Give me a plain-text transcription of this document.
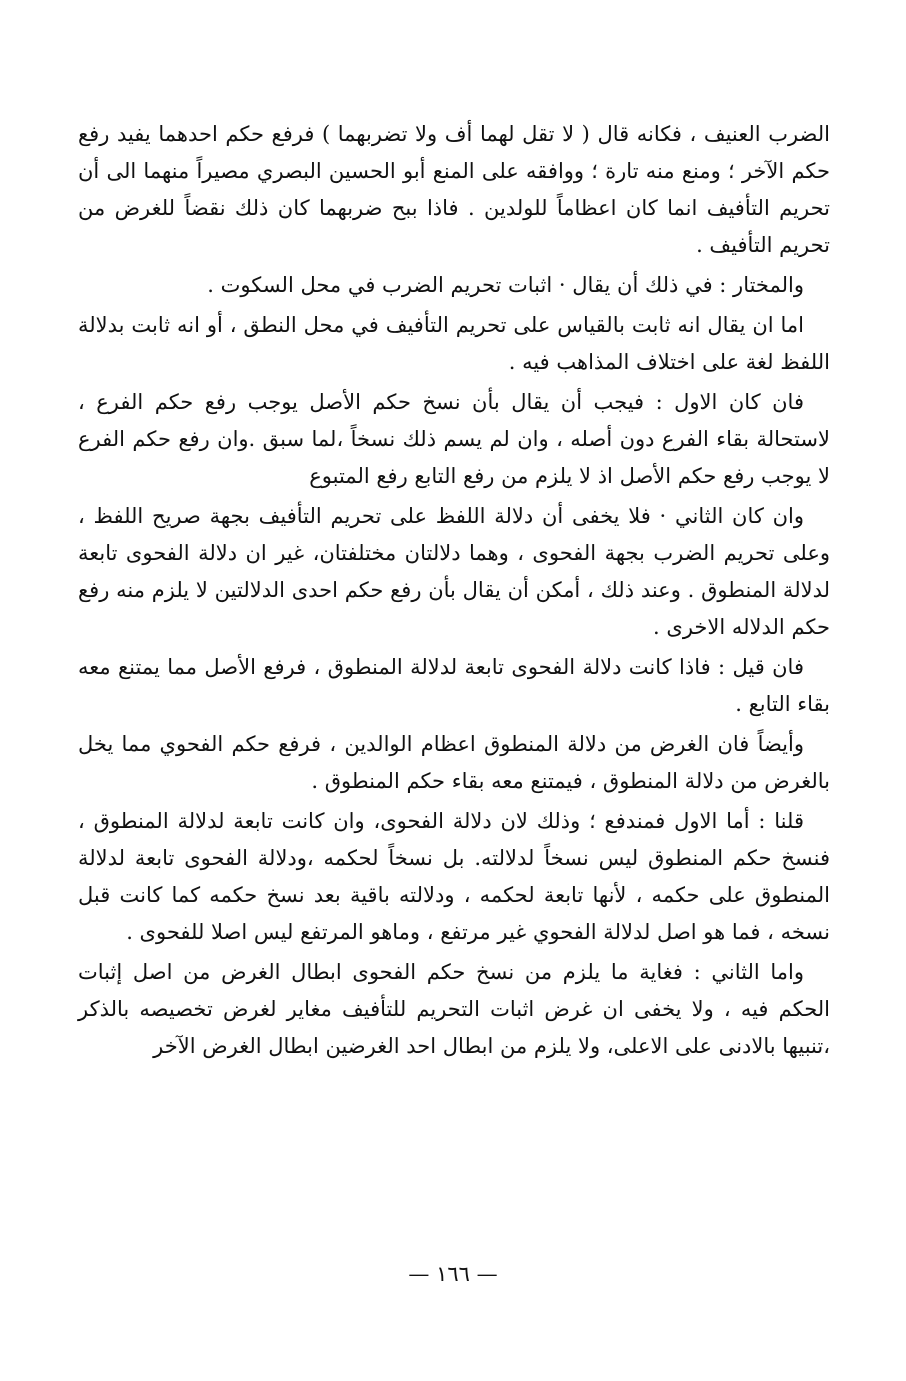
الضرب العنيف ، فكانه قال ( لا تقل لهما أف ولا تضربهما ) فرفع حكم احدهما يفيد رفع حكم الآخر ؛ ومنع منه تارة ؛ ووافقه على المنع أبو الحسين البصري مصيراً منهما الى أن تحريم التأفيف انما كان اعظاماً للولدين . فاذا ببح ضربهما كان ذلك نقضاً للغرض من تحريم التأفيف .

والمختار : في ذلك أن يقال · اثبات تحريم الضرب في محل السكوت .

اما ان يقال انه ثابت بالقياس على تحريم التأفيف في محل النطق ، أو انه ثابت بدلالة اللفظ لغة على اختلاف المذاهب فيه .

فان كان الاول : فيجب أن يقال بأن نسخ حكم الأصل يوجب رفع حكم الفرع ، لاستحالة بقاء الفرع دون أصله ، وان لم يسم ذلك نسخاً ،لما سبق .وان رفع حكم الفرع لا يوجب رفع حكم الأصل اذ لا يلزم من رفع التابع رفع المتبوع

وان كان الثاني · فلا يخفى أن دلالة اللفظ على تحريم التأفيف بجهة صريح اللفظ ، وعلى تحريم الضرب بجهة الفحوى ، وهما دلالتان مختلفتان، غير ان دلالة الفحوى تابعة لدلالة المنطوق . وعند ذلك ، أمكن أن يقال بأن رفع حكم احدى الدلالتين لا يلزم منه رفع حكم الدلاله الاخرى .

فان قيل : فاذا كانت دلالة الفحوى تابعة لدلالة المنطوق ، فرفع الأصل مما يمتنع معه بقاء التابع .

وأيضاً فان الغرض من دلالة المنطوق اعظام الوالدين ، فرفع حكم الفحوي مما يخل بالغرض من دلالة المنطوق ، فيمتنع معه بقاء حكم المنطوق .

قلنا : أما الاول فمندفع ؛ وذلك لان دلالة الفحوى، وان كانت تابعة لدلالة المنطوق ، فنسخ حكم المنطوق ليس نسخاً لدلالته. بل نسخاً لحكمه ،ودلالة الفحوى تابعة لدلالة المنطوق على حكمه ، لأنها تابعة لحكمه ، ودلالته باقية بعد نسخ حكمه كما كانت قبل نسخه ، فما هو اصل لدلالة الفحوي غير مرتفع ، وماهو المرتفع ليس اصلا للفحوى .

واما الثاني : فغاية ما يلزم من نسخ حكم الفحوى ابطال الغرض من اصل إثبات الحكم فيه ، ولا يخفى ان غرض اثبات التحريم للتأفيف مغاير لغرض تخصيصه بالذكر ،تنبيها بالادنى على الاعلى، ولا يلزم من ابطال احد الغرضين ابطال الغرض الآخر

— ١٦٦ —
